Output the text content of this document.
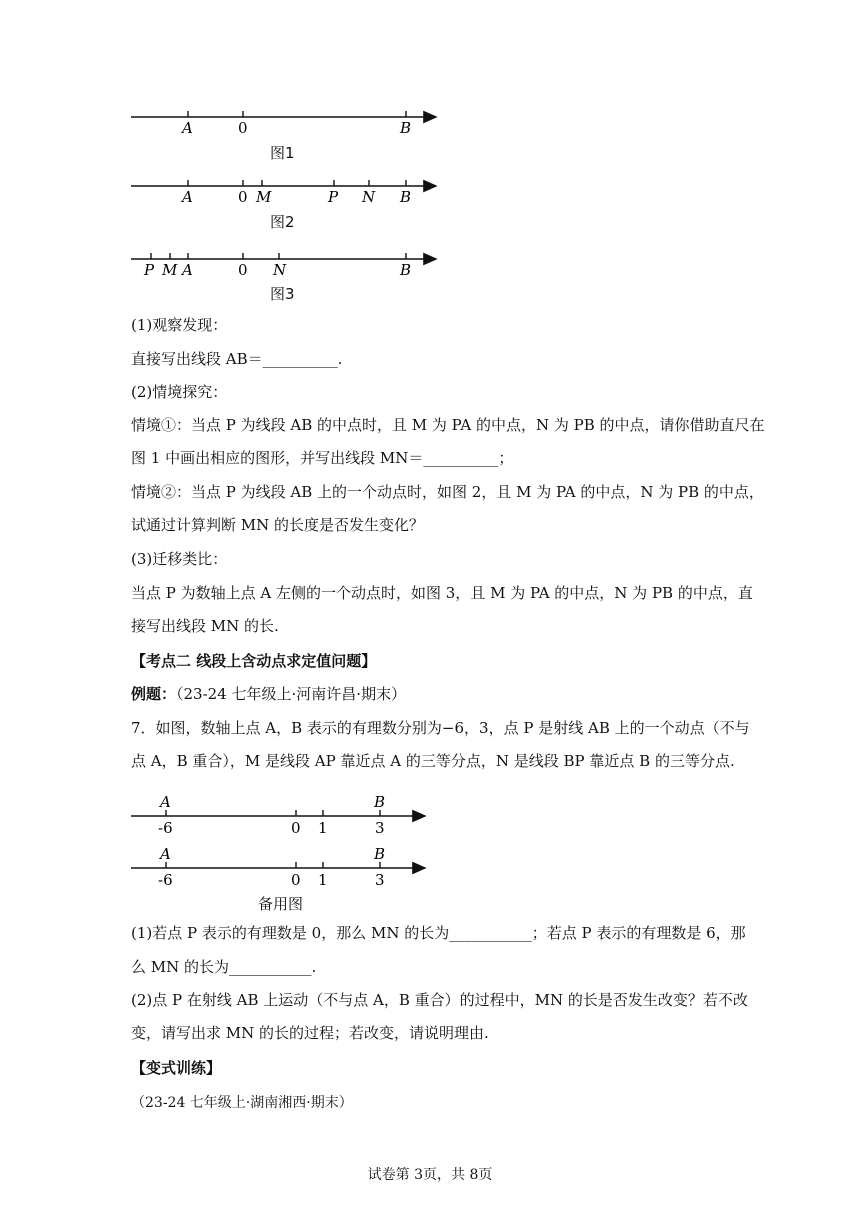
A	0	B
A	0 M	P N B
P M A	0 N	B
A	B
-6	0 1	3
A	B
-6	0 1	3
图1
图2
图3
(1)观察发现：
直接写出线段 AB＝__________.
(2)情境探究：
情境①：当点 P 为线段 AB 的中点时，且 M 为 PA 的中点，N 为 PB 的中点，请你借助直尺在
图 1 中画出相应的图形，并写出线段 MN＝__________；
情境②：当点 P 为线段 AB 上的一个动点时，如图 2，且 M 为 PA 的中点，N 为 PB 的中点，
试通过计算判断 MN 的长度是否发生变化？
(3)迁移类比：
当点 P 为数轴上点 A 左侧的一个动点时，如图 3，且 M 为 PA 的中点，N 为 PB 的中点，直
接写出线段 MN 的长.
【考点二 线段上含动点求定值问题】
例题：（23-24 七年级上·河南许昌·期末）
7．如图，数轴上点 A，B 表示的有理数分别为−6，3，点 P 是射线 AB 上的一个动点（不与
点 A，B 重合），M 是线段 AP 靠近点 A 的三等分点，N 是线段 BP 靠近点 B 的三等分点.
备用图
(1)若点 P 表示的有理数是 0，那么 MN 的长为___________；若点 P 表示的有理数是 6，那
么 MN 的长为___________.
(2)点 P 在射线 AB 上运动（不与点 A，B 重合）的过程中，MN 的长是否发生改变？若不改
变，请写出求 MN 的长的过程；若改变，请说明理由.
【变式训练】
（23-24 七年级上·湖南湘西·期末）
试卷第 3页，共 8页
